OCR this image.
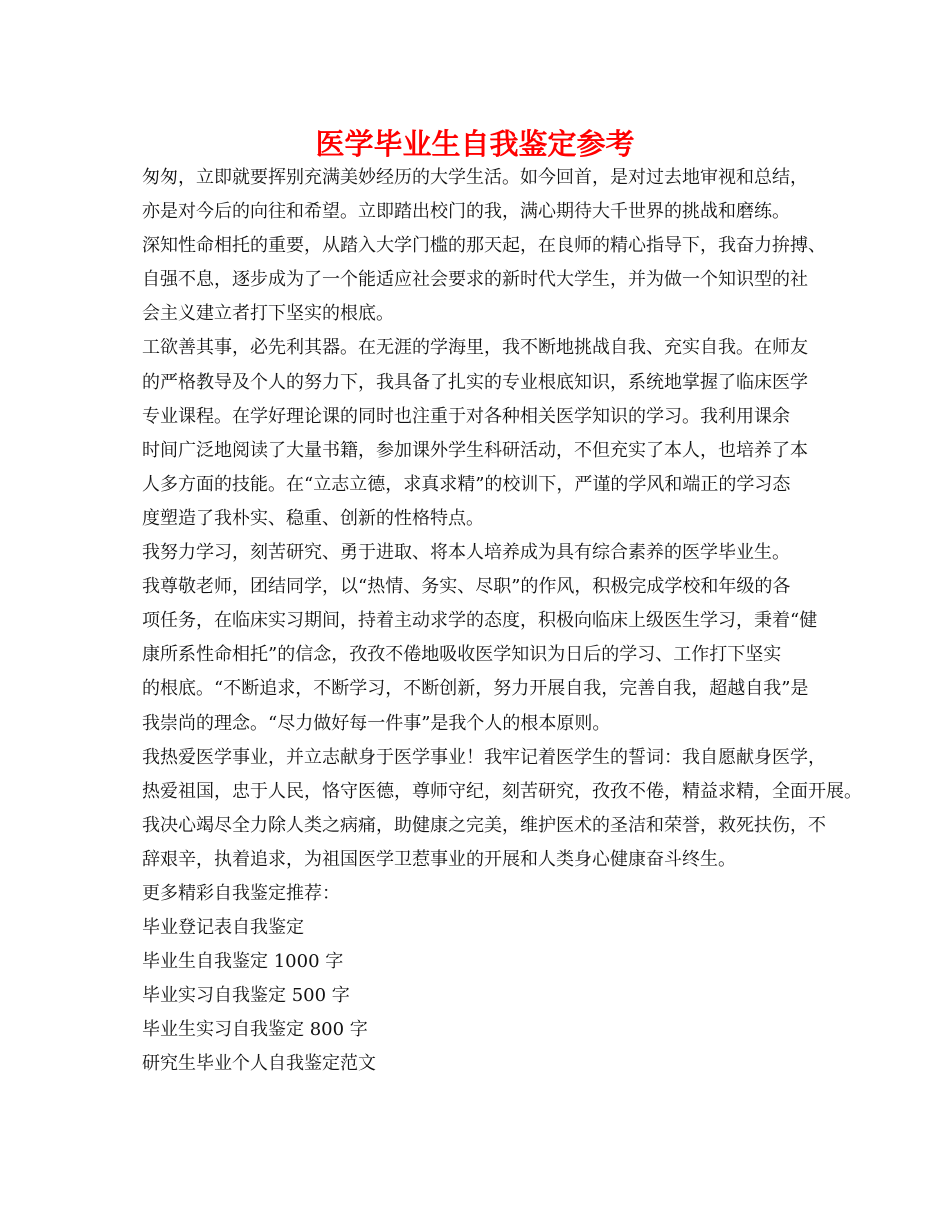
医学毕业生自我鉴定参考
匆匆，立即就要挥别充满美妙经历的大学生活。如今回首，是对过去地审视和总结，
亦是对今后的向往和希望。立即踏出校门的我，满心期待大千世界的挑战和磨练。
深知性命相托的重要，从踏入大学门槛的那天起，在良师的精心指导下，我奋力拚搏、
自强不息，逐步成为了一个能适应社会要求的新时代大学生，并为做一个知识型的社
会主义建立者打下坚实的根底。
工欲善其事，必先利其器。在无涯的学海里，我不断地挑战自我、充实自我。在师友
的严格教导及个人的努力下，我具备了扎实的专业根底知识，系统地掌握了临床医学
专业课程。在学好理论课的同时也注重于对各种相关医学知识的学习。我利用课余
时间广泛地阅读了大量书籍，参加课外学生科研活动，不但充实了本人，也培养了本
人多方面的技能。在“立志立德，求真求精”的校训下，严谨的学风和端正的学习态
度塑造了我朴实、稳重、创新的性格特点。
我努力学习，刻苦研究、勇于进取、将本人培养成为具有综合素养的医学毕业生。
我尊敬老师，团结同学，以“热情、务实、尽职”的作风，积极完成学校和年级的各
项任务，在临床实习期间，持着主动求学的态度，积极向临床上级医生学习，秉着“健
康所系性命相托”的信念，孜孜不倦地吸收医学知识为日后的学习、工作打下坚实
的根底。“不断追求，不断学习，不断创新，努力开展自我，完善自我，超越自我”是
我崇尚的理念。“尽力做好每一件事”是我个人的根本原则。
我热爱医学事业，并立志献身于医学事业！我牢记着医学生的誓词：我自愿献身医学，
热爱祖国，忠于人民，恪守医德，尊师守纪，刻苦研究，孜孜不倦，精益求精，全面开展。
我决心竭尽全力除人类之病痛，助健康之完美，维护医术的圣洁和荣誉，救死扶伤，不
辞艰辛，执着追求，为祖国医学卫惹事业的开展和人类身心健康奋斗终生。
更多精彩自我鉴定推荐：
毕业登记表自我鉴定
毕业生自我鉴定 1000 字
毕业实习自我鉴定 500 字
毕业生实习自我鉴定 800 字
研究生毕业个人自我鉴定范文
